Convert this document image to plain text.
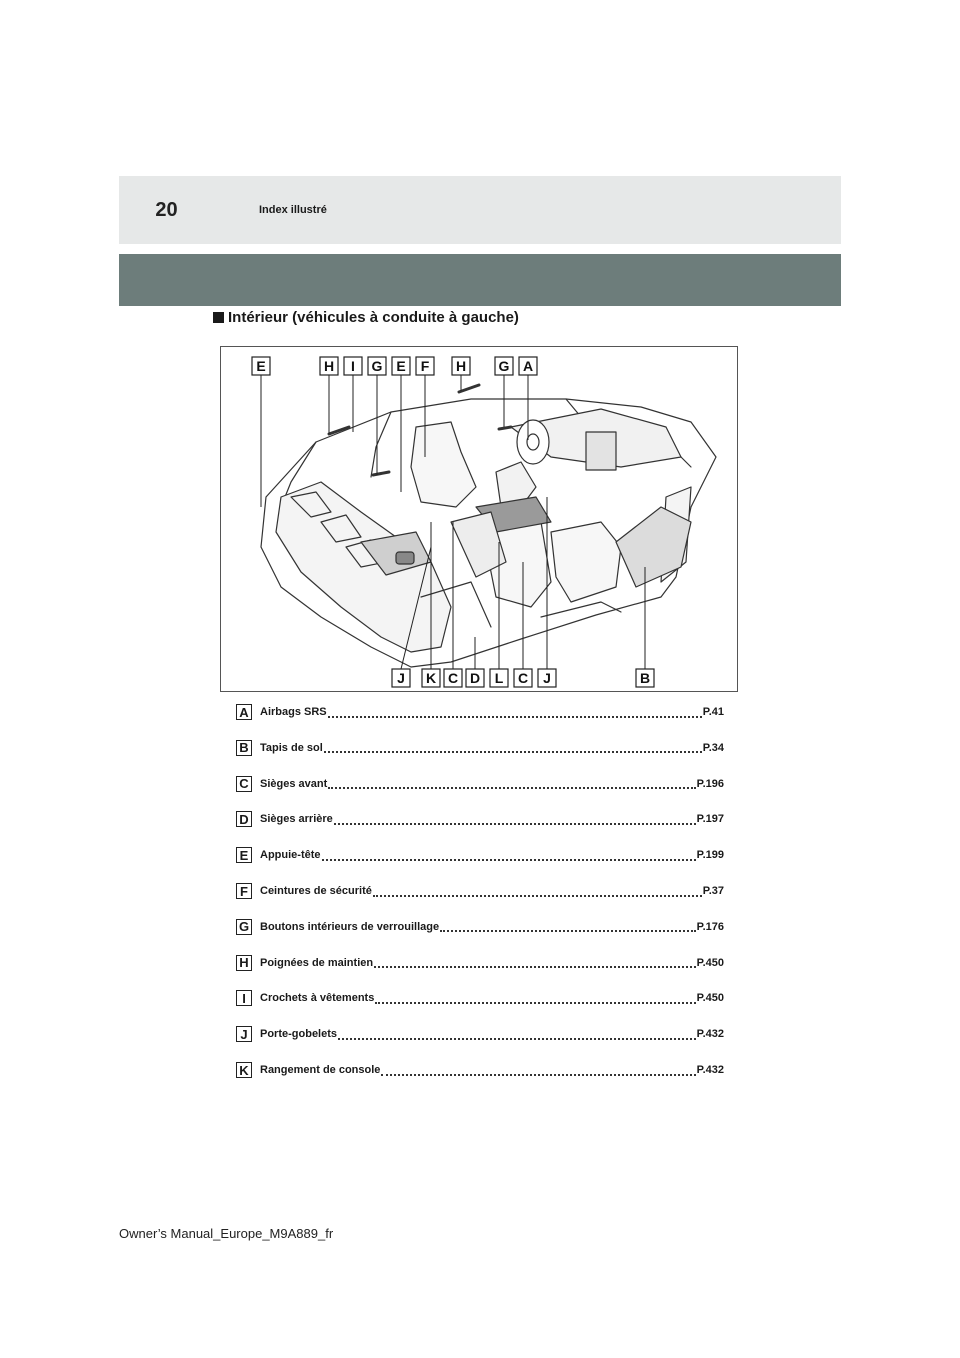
20	Index illustré
Intérieur (véhicules à conduite à gauche)
E	H I G E F H G A
J K C D L C J	B
A	Airbags SRS	P.41
B	Tapis de sol	P.34
C	Sièges avant	P.196
D	Sièges arrière	P.197
E	Appuie-tête	P.199
F	Ceintures de sécurité	P.37
G Boutons intérieurs de verrouillage	P.176
H	Poignées de maintien	P.450
I	Crochets à vêtements	P.450
J	Porte-gobelets	P.432
K	Rangement de console	P.432
Owner’s Manual_Europe_M9A889_fr
